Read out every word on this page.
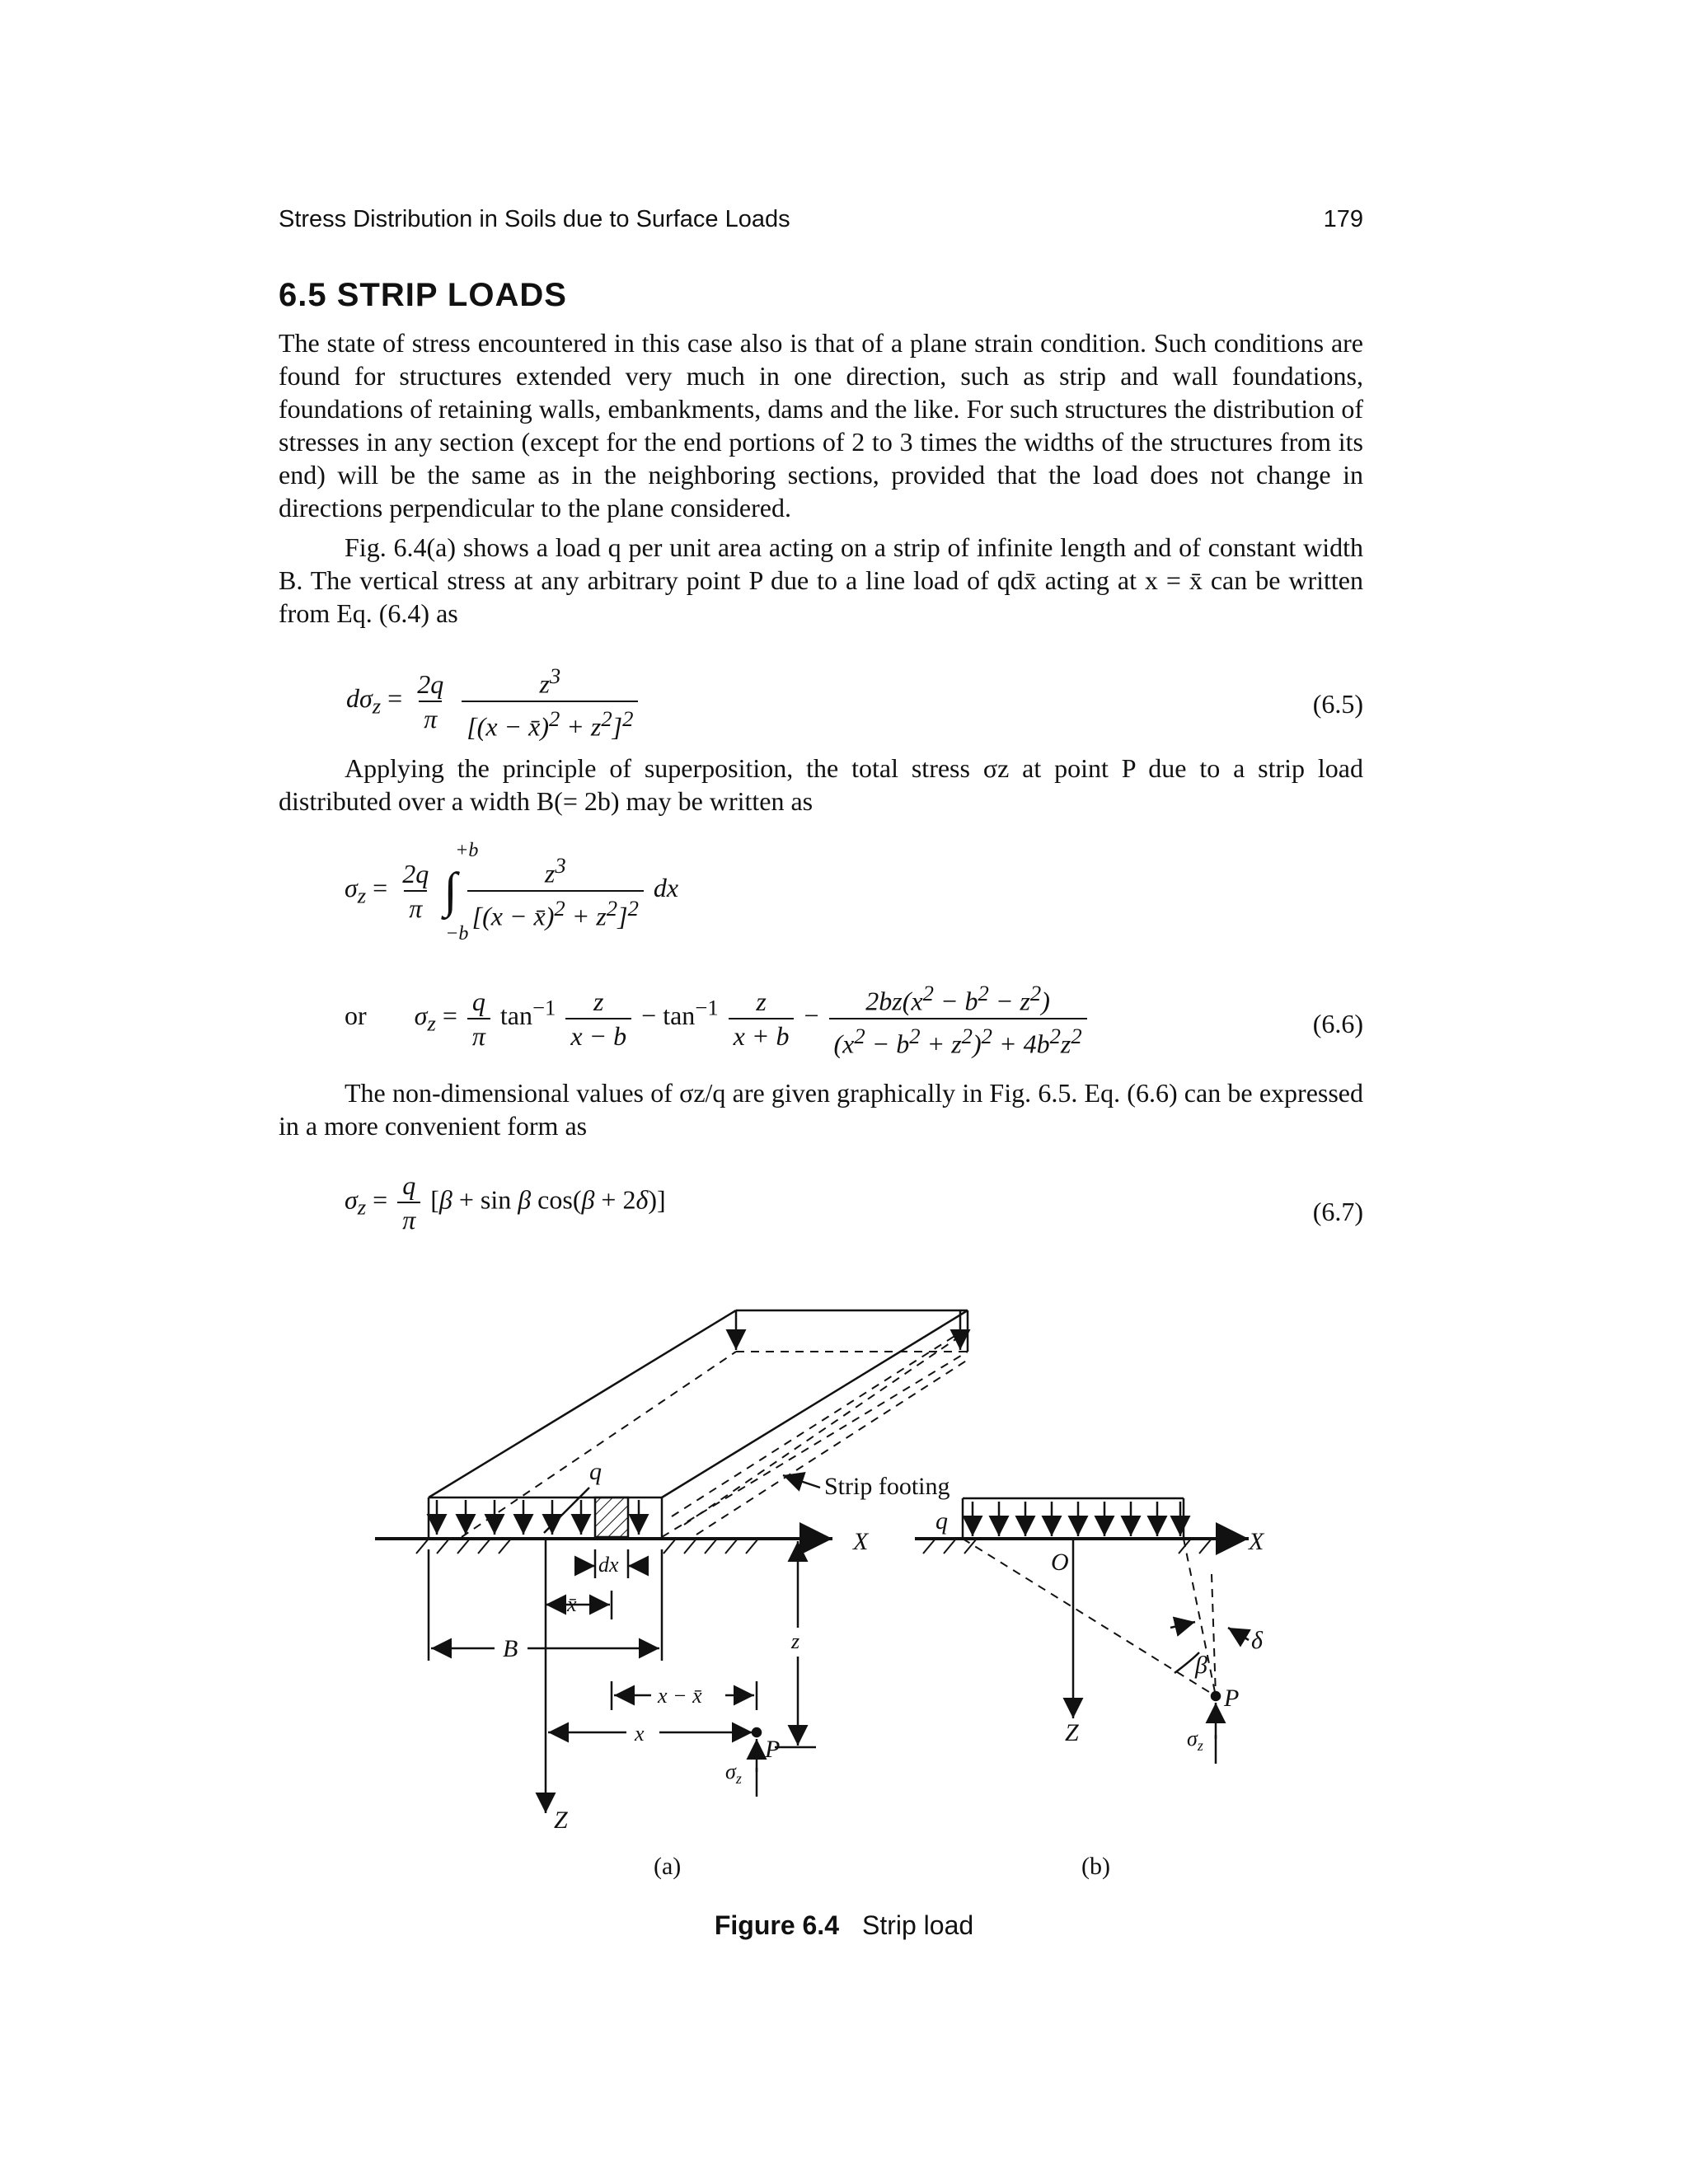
Stress Distribution in Soils due to Surface Loads	179
6.5 STRIP LOADS
The state of stress encountered in this case also is that of a plane strain condition. Such conditions are found for structures extended very much in one direction, such as strip and wall foundations, foundations of retaining walls, embankments, dams and the like. For such structures the distribution of stresses in any section (except for the end portions of 2 to 3 times the widths of the structures from its end) will be the same as in the neighboring sections, provided that the load does not change in directions perpendicular to the plane considered.
Fig. 6.4(a) shows a load q per unit area acting on a strip of infinite length and of constant width B. The vertical stress at any arbitrary point P due to a line load of qdx̄ acting at x = x̄ can be written from Eq. (6.4) as
$d\sigma_z = \frac{2q}{\pi}$
$\frac{z^3}{[(x - x̄)^2 + z^2]^2}$	(6.5)
Applying the principle of superposition, the total stress σz at point P due to a strip load distributed over a width B(= 2b) may be written as
$\sigma_z = \frac{2q}{\pi}$ ∫
+b
−b

$\frac{z^3}{[(x - x̄)^2 + z^2]^2}$ dx
or $\sigma_z = \frac{q}{\pi} \tan^{-1} \frac{z}{x - b} - \tan^{-1} \frac{z}{x + b} - \frac{2bz(x^2 - b^2 - z^2)}{(x^2 - b^2 + z^2)^2 + 4b^2z^2}$	(6.6)
The non-dimensional values of σz/q are given graphically in Fig. 6.5. Eq. (6.6) can be expressed in a more convenient form as
$\sigma_z = \frac{q}{\pi} [\beta + \sin \beta$ cos(β + 2δ)]	(6.7)
q
Strip footing
X
dx
x̄
B	z
x − x̄
x
P
$\sigma_z$
Z
q
O
X
δ
β
P
Z	$\sigma_z$
(a)	(b)
Figure 6.4 Strip load
